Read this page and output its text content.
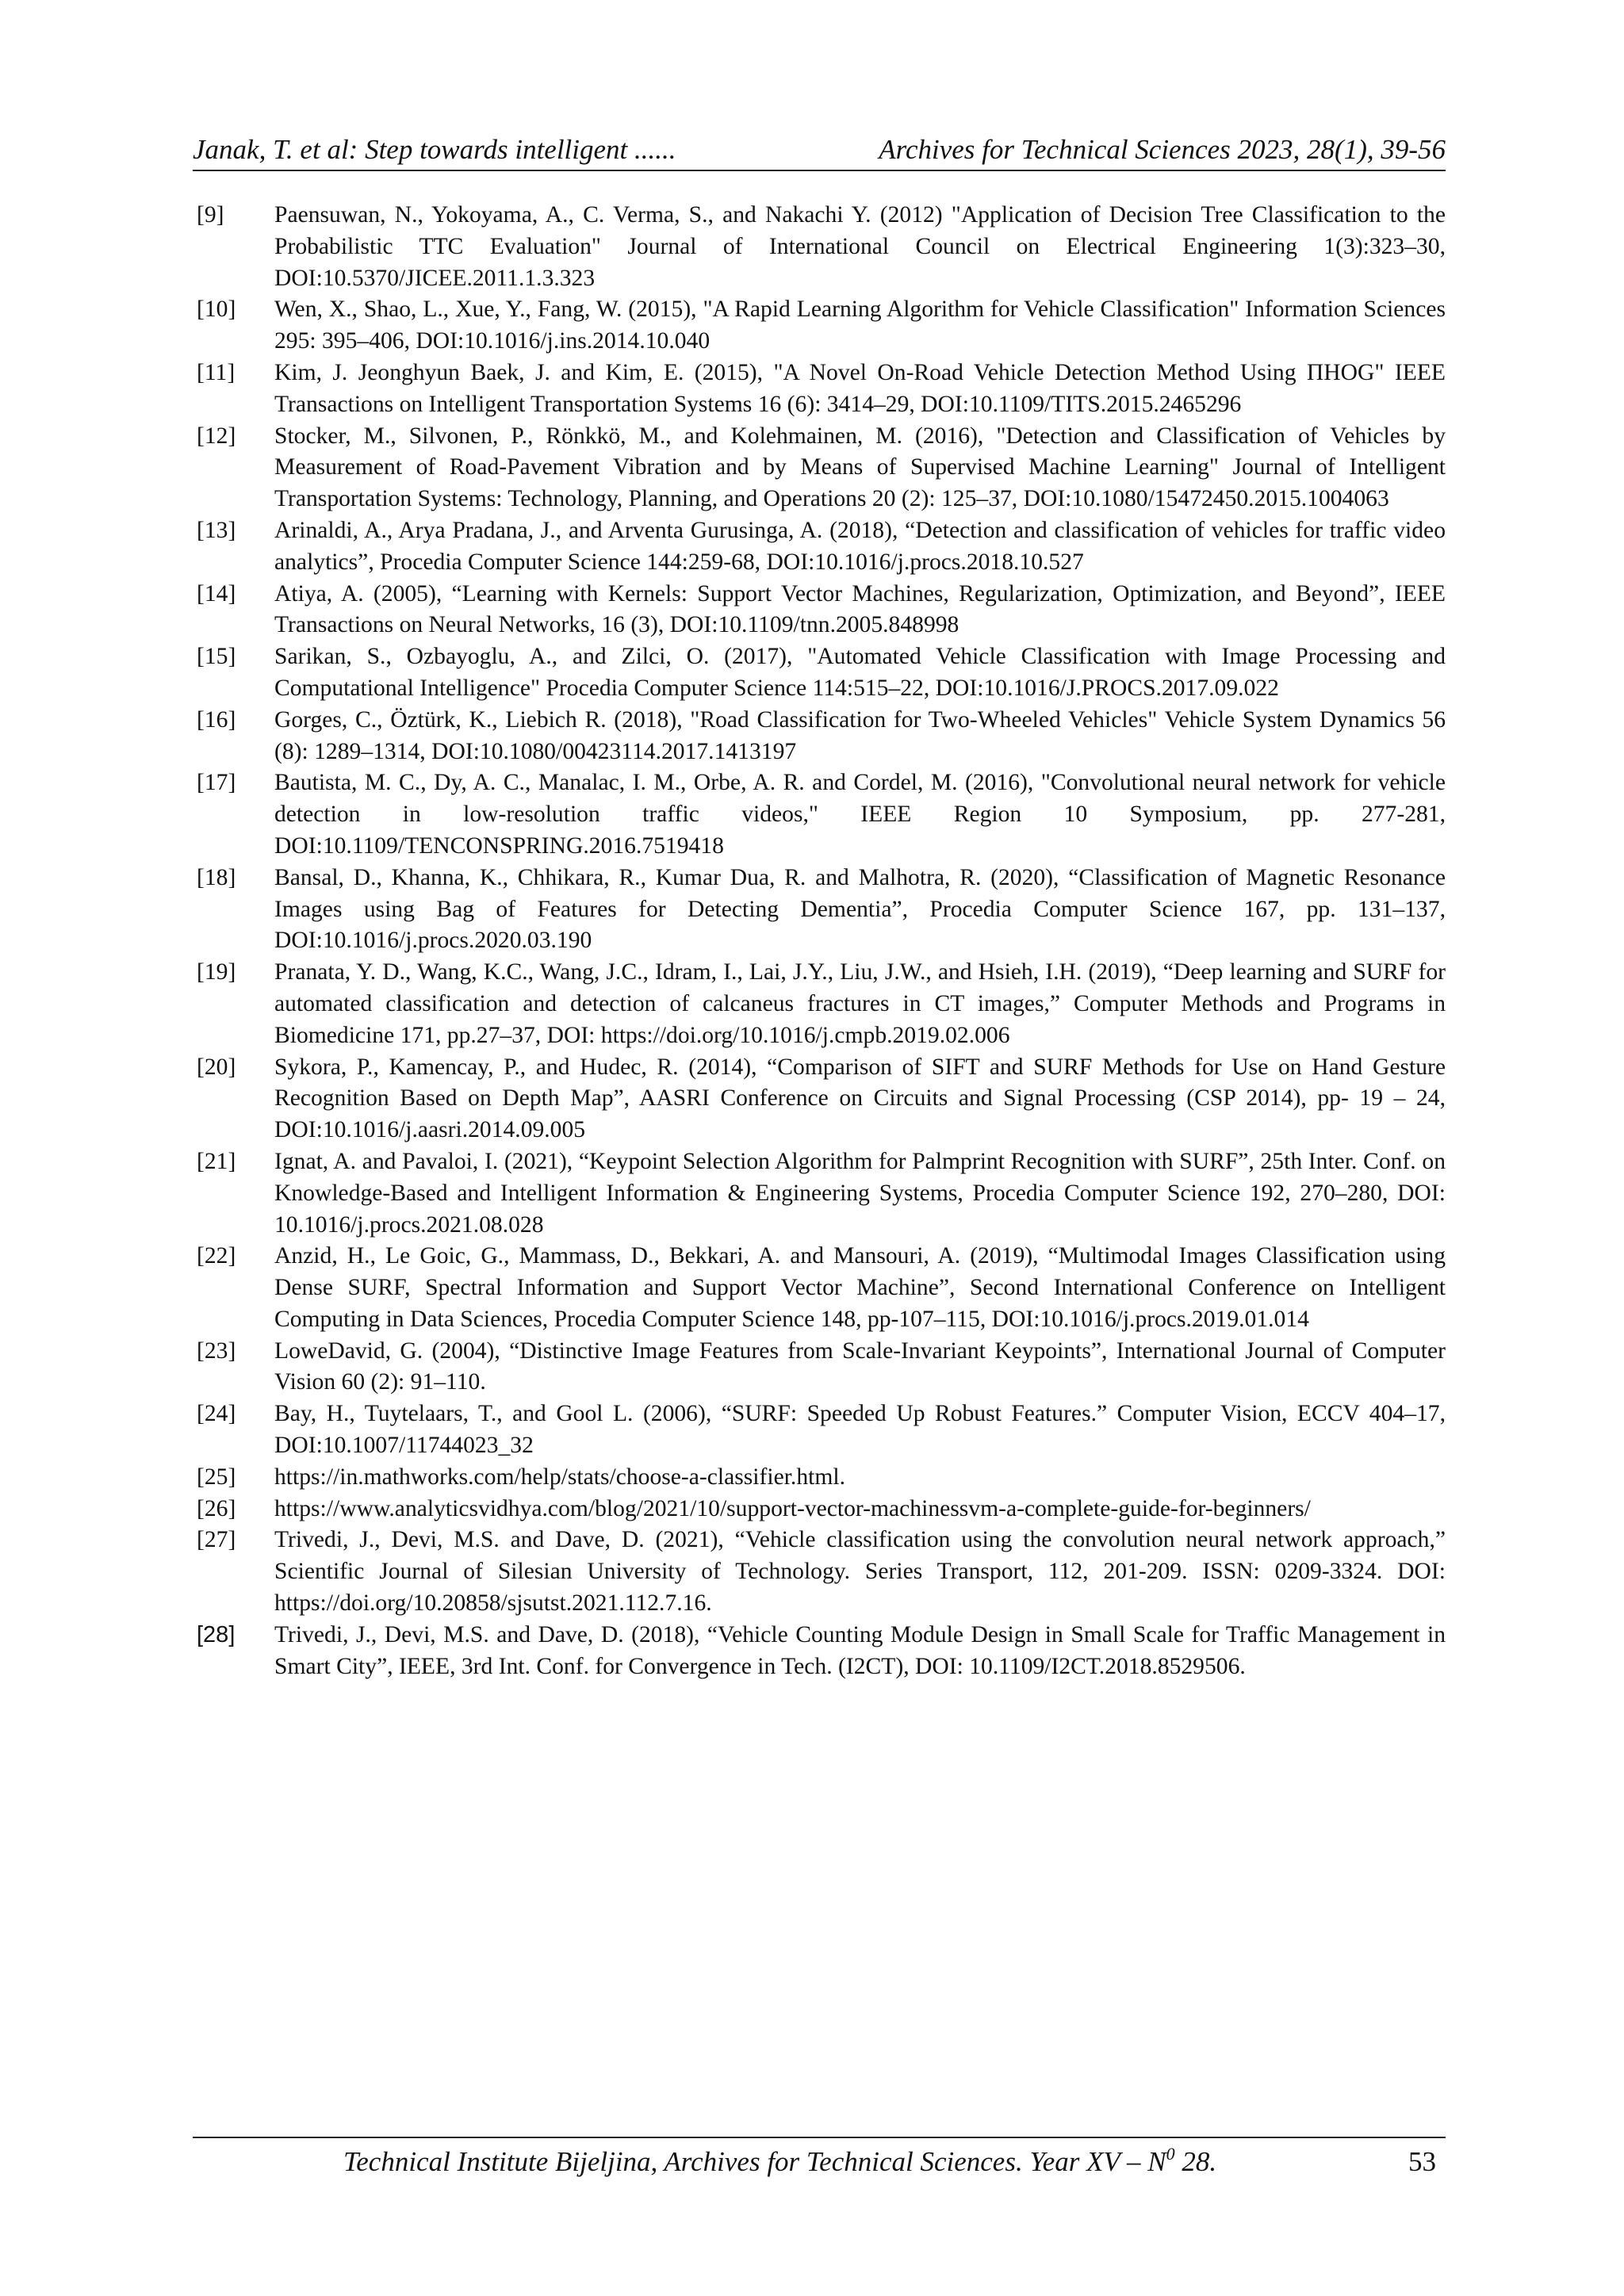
Janak, T. et al: Step towards intelligent ......	Archives for Technical Sciences 2023, 28(1), 39-56
[9]	Paensuwan, N., Yokoyama, A., C. Verma, S., and Nakachi Y. (2012) "Application of Decision Tree Classification to the Probabilistic TTC Evaluation" Journal of International Council on Electrical Engineering 1(3):323–30, DOI:10.5370/JICEE.2011.1.3.323
[10]	Wen, X., Shao, L., Xue, Y., Fang, W. (2015), "A Rapid Learning Algorithm for Vehicle Classification" Information Sciences 295: 395–406, DOI:10.1016/j.ins.2014.10.040
[11]	Kim, J. Jeonghyun Baek, J. and Kim, E. (2015), "A Novel On-Road Vehicle Detection Method Using ΠHOG" IEEE Transactions on Intelligent Transportation Systems 16 (6): 3414–29, DOI:10.1109/TITS.2015.2465296
[12]	Stocker, M., Silvonen, P., Rönkkö, M., and Kolehmainen, M. (2016), "Detection and Classification of Vehicles by Measurement of Road-Pavement Vibration and by Means of Supervised Machine Learning" Journal of Intelligent Transportation Systems: Technology, Planning, and Operations 20 (2): 125–37, DOI:10.1080/15472450.2015.1004063
[13]	Arinaldi, A., Arya Pradana, J., and Arventa Gurusinga, A. (2018), “Detection and classification of vehicles for traffic video analytics”, Procedia Computer Science 144:259-68, DOI:10.1016/j.procs.2018.10.527
[14]	Atiya, A. (2005), “Learning with Kernels: Support Vector Machines, Regularization, Optimization, and Beyond”, IEEE Transactions on Neural Networks, 16 (3), DOI:10.1109/tnn.2005.848998
[15]	Sarikan, S., Ozbayoglu, A., and Zilci, O. (2017), "Automated Vehicle Classification with Image Processing and Computational Intelligence" Procedia Computer Science 114:515–22, DOI:10.1016/J.PROCS.2017.09.022
[16]	Gorges, C., Öztürk, K., Liebich R. (2018), "Road Classification for Two-Wheeled Vehicles" Vehicle System Dynamics 56 (8): 1289–1314, DOI:10.1080/00423114.2017.1413197
[17]	Bautista, M. C., Dy, A. C., Manalac, I. M., Orbe, A. R. and Cordel, M. (2016), "Convolutional neural network for vehicle detection in low-resolution traffic videos," IEEE Region 10 Symposium, pp. 277-281, DOI:10.1109/TENCONSPRING.2016.7519418
[18]	Bansal, D., Khanna, K., Chhikara, R., Kumar Dua, R. and Malhotra, R. (2020), “Classification of Magnetic Resonance Images using Bag of Features for Detecting Dementia”, Procedia Computer Science 167, pp. 131–137, DOI:10.1016/j.procs.2020.03.190
[19]	Pranata, Y. D., Wang, K.C., Wang, J.C., Idram, I., Lai, J.Y., Liu, J.W., and Hsieh, I.H. (2019), “Deep learning and SURF for automated classification and detection of calcaneus fractures in CT images,” Computer Methods and Programs in Biomedicine 171, pp.27–37, DOI: https://doi.org/10.1016/j.cmpb.2019.02.006
[20]	Sykora, P., Kamencay, P., and Hudec, R. (2014), “Comparison of SIFT and SURF Methods for Use on Hand Gesture Recognition Based on Depth Map”, AASRI Conference on Circuits and Signal Processing (CSP 2014), pp- 19 – 24, DOI:10.1016/j.aasri.2014.09.005
[21]	Ignat, A. and Pavaloi, I. (2021), “Keypoint Selection Algorithm for Palmprint Recognition with SURF”, 25th Inter. Conf. on Knowledge-Based and Intelligent Information & Engineering Systems, Procedia Computer Science 192, 270–280, DOI: 10.1016/j.procs.2021.08.028
[22]	Anzid, H., Le Goic, G., Mammass, D., Bekkari, A. and Mansouri, A. (2019), “Multimodal Images Classification using Dense SURF, Spectral Information and Support Vector Machine”, Second International Conference on Intelligent Computing in Data Sciences, Procedia Computer Science 148, pp-107–115, DOI:10.1016/j.procs.2019.01.014
[23]	LoweDavid, G. (2004), “Distinctive Image Features from Scale-Invariant Keypoints”, International Journal of Computer Vision 60 (2): 91–110.
[24]	Bay, H., Tuytelaars, T., and Gool L. (2006), “SURF: Speeded Up Robust Features.” Computer Vision, ECCV 404–17, DOI:10.1007/11744023_32
[25]	https://in.mathworks.com/help/stats/choose-a-classifier.html.
[26]	https://www.analyticsvidhya.com/blog/2021/10/support-vector-machinessvm-a-complete-guide-for-beginners/
[27]	Trivedi, J., Devi, M.S. and Dave, D. (2021), “Vehicle classification using the convolution neural network approach,” Scientific Journal of Silesian University of Technology. Series Transport, 112, 201-209. ISSN: 0209-3324. DOI: https://doi.org/10.20858/sjsutst.2021.112.7.16.
[28]	Trivedi, J., Devi, M.S. and Dave, D. (2018), “Vehicle Counting Module Design in Small Scale for Traffic Management in Smart City”, IEEE, 3rd Int. Conf. for Convergence in Tech. (I2CT), DOI: 10.1109/I2CT.2018.8529506.
Technical Institute Bijeljina, Archives for Technical Sciences. Year XV – $N^0$ 28.	53
